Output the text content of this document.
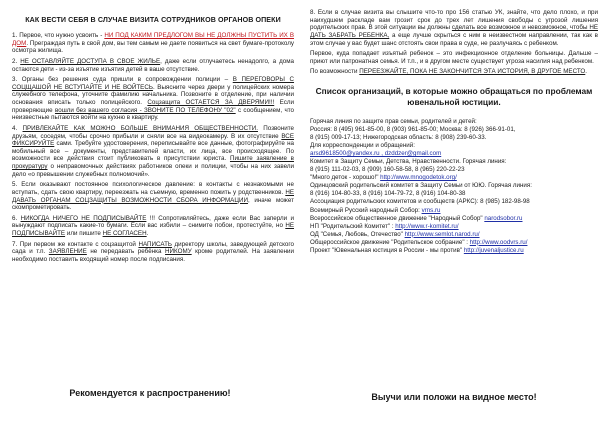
КАК ВЕСТИ СЕБЯ В СЛУЧАЕ ВИЗИТА СОТРУДНИКОВ ОРГАНОВ ОПЕКИ

1. Первое, что нужно усвоить - НИ ПОД КАКИМ ПРЕДЛОГОМ ВЫ НЕ ДОЛЖНЫ ПУСТИТЬ ИХ В ДОМ. Преграждая путь в свой дом, вы тем самым не даете появиться на свет бумаге-протоколу осмотра жилища.

2. НЕ ОСТАВЛЯЙТЕ ДОСТУПА В СВОЕ ЖИЛЬЕ, даже если отлучаетесь ненадолго, а дома остаются дети - из-за изъятие изъятия детей в ваше отсутствие.

3. Органы без решения суда пришли в сопровождении полиции – В ПЕРЕГОВОРЫ С СОЦЩАШОЙ НЕ ВСТУПАЙТЕ И НЕ ВОЙТЕСЬ. Выясните через двери у полицейских номера служебного телефона, уточните фамилию начальника. Позвоните в отделение, при наличии основания вписать только полицейского. Соцзащита ОСТАЕТСЯ ЗА ДВЕРЯМИ!!! Если проверяющие вошли без вашего согласия - ЗВОНИТЕ ПО ТЕЛЕФОНУ "02" с сообщением, что неизвестные пытаются войти на кухню в квартиру.

4. ПРИВЛЕКАЙТЕ КАК МОЖНО БОЛЬШЕ ВНИМАНИЯ ОБЩЕСТВЕННОСТИ. Позвоните друзьям, соседям, чтобы срочно прибыли и сняли все на видеокамеру. В их отсутствие ВСЕ ФИКСИРУЙТЕ сами. Требуйте удостоверения, переписывайте все данные, фотографируйте на мобильный все – документы, представителей власти, их лица, все происходящее. По возможности все действия стоит публиковать в присутствии юриста. Пишите заявление в прокуратуру о неправомочных действиях работников опеки и полиции, чтобы на них завели дело «о превышении служебных полномочий».

5. Если оказывают постоянное психологическое давление: в контакты с незнакомыми не вступать, сдать свою квартиру, переезжать на съемную, временно пожить у родственников. НЕ ДАВАТЬ ОРГАНАМ СОЦЗАЩИТЫ ВОЗМОЖНОСТИ СБОРА ИНФОРМАЦИИ, иначе может скомпрометировать.

6. НИКОГДА НИЧЕГО НЕ ПОДПИСЫВАЙТЕ !!! Сопротивляйтесь, даже если Вас заперли и вынуждают подписать какие-то бумаги. Если вас избили – снимите побои, протестуйте, но НЕ ПОДПИСЫВАЙТЕ или пишите НЕ СОГЛАСЕН.

7. При первом же контакте с соцзащитой НАПИСАТЬ директору школы, заведующей детского сада и т.п. ЗАЯВЛЕНИЕ не передавать ребёнка НИКОМУ кроме родителей. На заявлении необходимо поставить входящий номер после подписания.

Рекомендуется к распространению!

8. Если в случае визита вы слышите что-то про 156 статью УК, знайте, что дело плохо, и при наихудшем раскладе вам грозит срок до трех лет лишения свободы с угрозой лишения родительских прав. В этой ситуации вы должны сделать все возможное и невозможное, чтобы НЕ ДАТЬ ЗАБРАТЬ РЕБЕНКА, а еще лучше скрыться с ним в неизвестном направлении, так как в этом случае у вас будет шанс отстоять свои права в суде, не разлучаясь с ребенком.

Первое, куда попадает изъятый ребенок – это инфекционное отделение больницы. Дальше – приют или патронатная семья. И т.п., и в другом месте существует угроза насилия над ребенком.

По возможности ПЕРЕЕЗЖАЙТЕ, ПОКА НЕ ЗАКОНЧИТСЯ ЭТА ИСТОРИЯ, В ДРУГОЕ МЕСТО.

Список организаций, в которые можно обращаться по проблемам ювенальной юстиции.
Горячая линия по защите прав семьи, родителей и детей:
Россия: 8 (495) 961-85-00, 8 (903) 961-85-00; Москва: 8 (926) 366-91-01,
8 (915) 009-17-13; Нижегородская область: 8 (908) 239-60-33.
Для корреспонденции и обращений:
arsd9618500@yandex.ru , dzddzer@gmail.com
Комитет в Защиту Семьи, Детства, Нравственности. Горячая линия:
8 (915) 111-02-03, 8 (909) 160-58-58, 8 (965) 220-22-23
"Много деток - хорошо!" http://www.mnogodetok.org/
Одинцовский родительский комитет в Защиту Семьи от ЮЮ. Горячая линия:
8 (916) 104-80-33, 8 (916) 104-79-72, 8 (916) 104-80-38
Ассоциация родительских комитетов и сообществ (АРКС): 8 (985) 182-98-98
Всемирный Русский народный Собор: vrns.ru
Всероссийское общественное движение "Народный Собор" narodsobor.ru
НП "Родительский Комитет" : http://www.r-komitet.ru/
ОД "Семья, Любовь, Отечество" http://www.semlot.narod.ru/
Общероссийское движение "Родительское собрание" : http://www.oodvrs.ru/
Проект "Ювенальная юстиция в России - мы против" http://juvenaljustice.ru
Выучи или положи на видное место!
